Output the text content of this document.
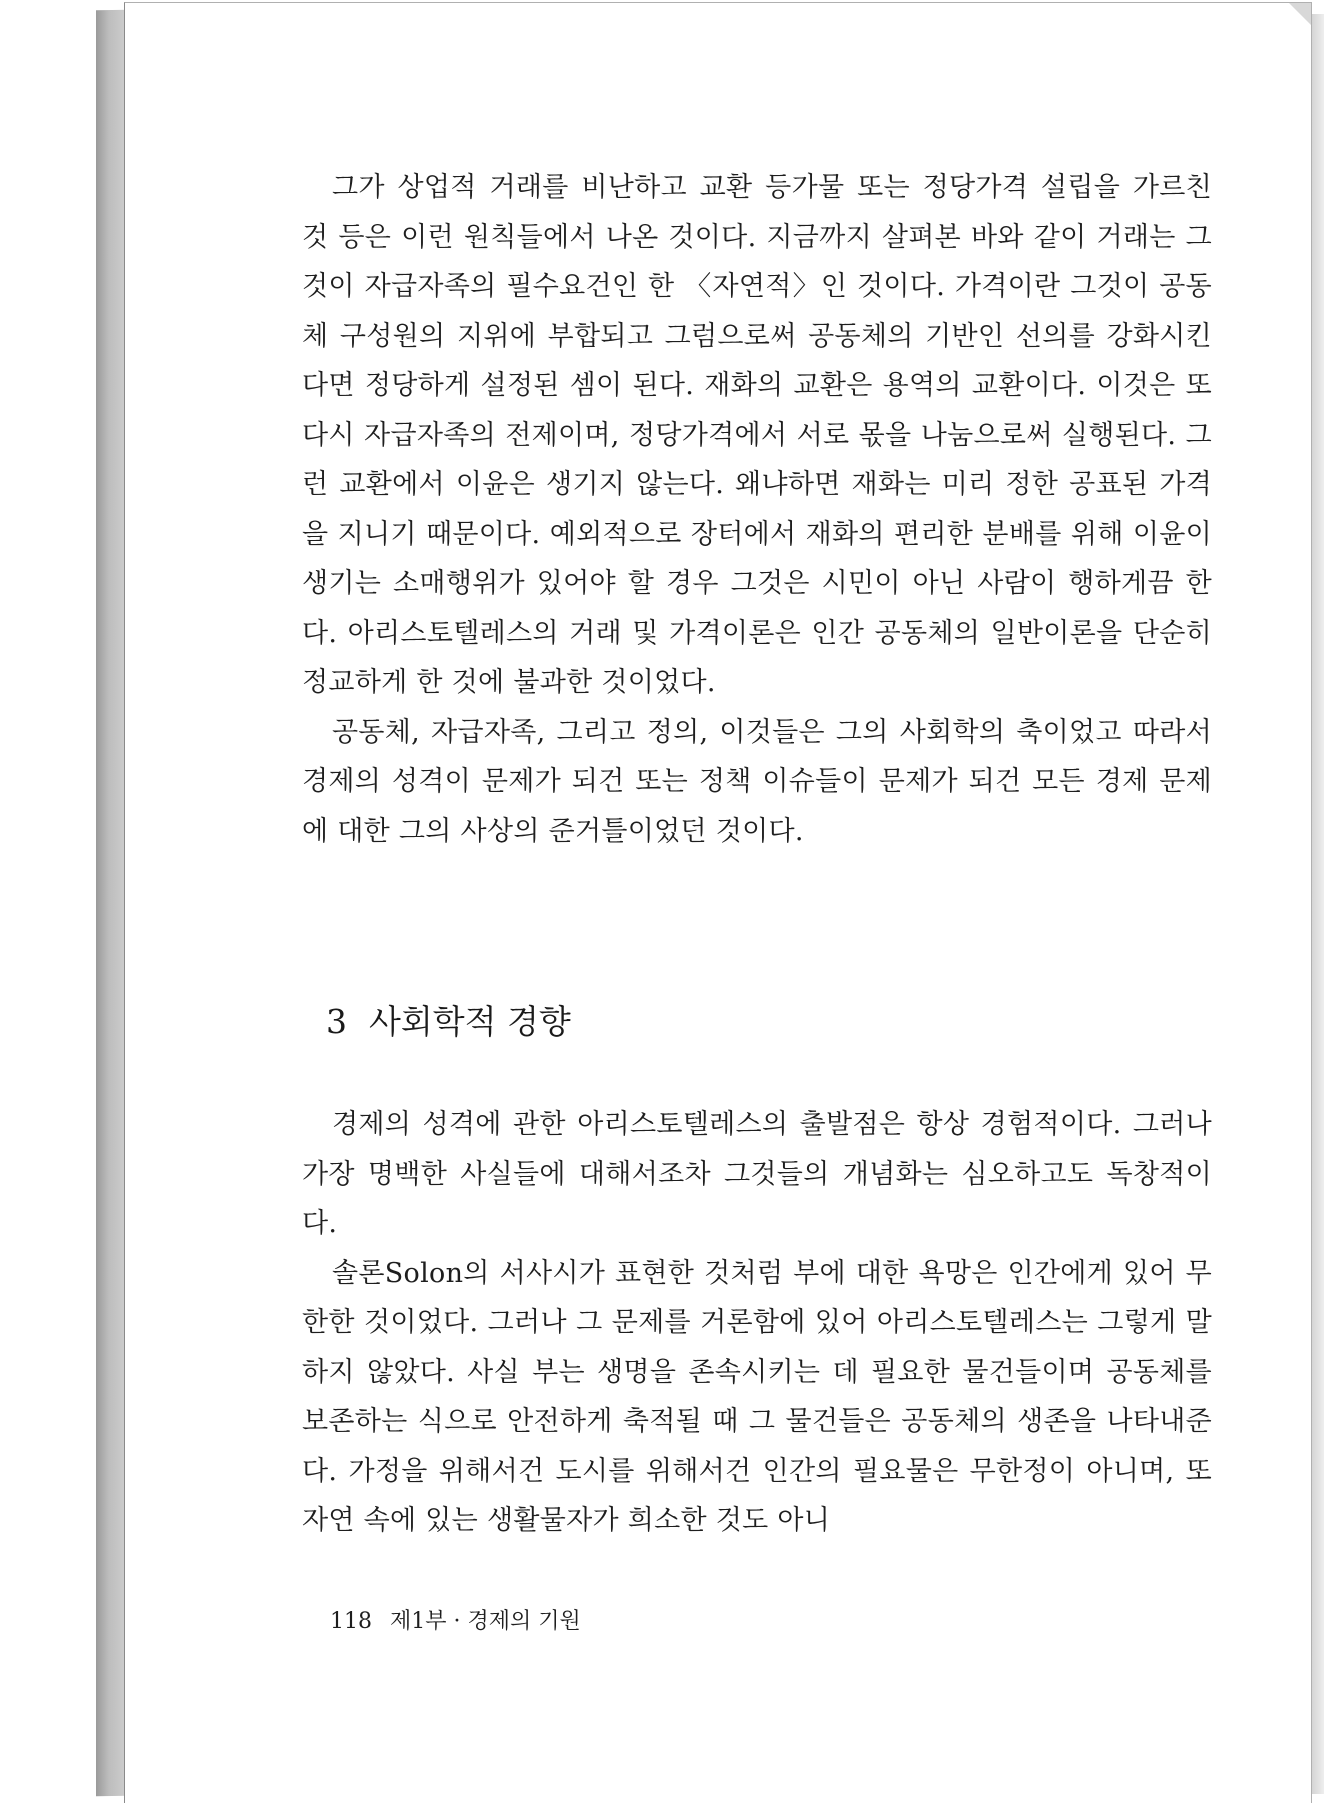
그가 상업적 거래를 비난하고 교환 등가물 또는 정당가격 설립을 가르친 것 등은 이런 원칙들에서 나온 것이다. 지금까지 살펴본 바와 같이 거래는 그것이 자급자족의 필수요건인 한 〈자연적〉인 것이다. 가격이란 그것이 공동체 구성원의 지위에 부합되고 그럼으로써 공동체의 기반인 선의를 강화시킨다면 정당하게 설정된 셈이 된다. 재화의 교환은 용역의 교환이다. 이것은 또 다시 자급자족의 전제이며, 정당가격에서 서로 몫을 나눔으로써 실행된다. 그런 교환에서 이윤은 생기지 않는다. 왜냐하면 재화는 미리 정한 공표된 가격을 지니기 때문이다. 예외적으로 장터에서 재화의 편리한 분배를 위해 이윤이 생기는 소매행위가 있어야 할 경우 그것은 시민이 아닌 사람이 행하게끔 한다. 아리스토텔레스의 거래 및 가격이론은 인간 공동체의 일반이론을 단순히 정교하게 한 것에 불과한 것이었다.

공동체, 자급자족, 그리고 정의, 이것들은 그의 사회학의 축이었고 따라서 경제의 성격이 문제가 되건 또는 정책 이슈들이 문제가 되건 모든 경제 문제에 대한 그의 사상의 준거틀이었던 것이다.

3 사회학적 경향

경제의 성격에 관한 아리스토텔레스의 출발점은 항상 경험적이다. 그러나 가장 명백한 사실들에 대해서조차 그것들의 개념화는 심오하고도 독창적이다.

솔론Solon의 서사시가 표현한 것처럼 부에 대한 욕망은 인간에게 있어 무한한 것이었다. 그러나 그 문제를 거론함에 있어 아리스토텔레스는 그렇게 말하지 않았다. 사실 부는 생명을 존속시키는 데 필요한 물건들이며 공동체를 보존하는 식으로 안전하게 축적될 때 그 물건들은 공동체의 생존을 나타내준다. 가정을 위해서건 도시를 위해서건 인간의 필요물은 무한정이 아니며, 또 자연 속에 있는 생활물자가 희소한 것도 아니

118 제1부 · 경제의 기원
